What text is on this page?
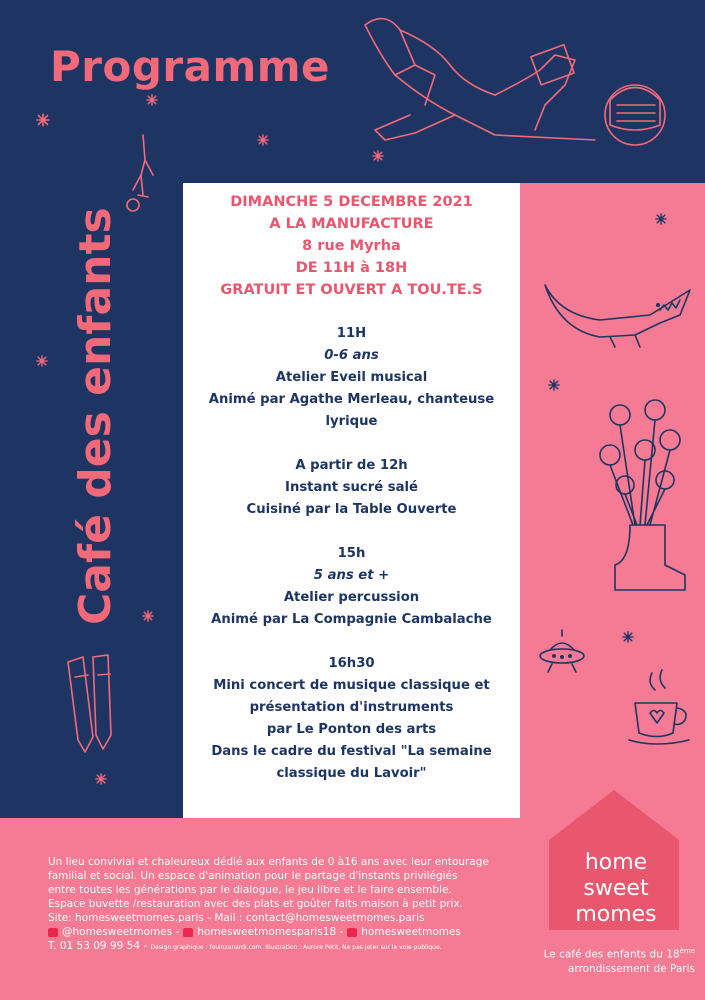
Programme
Café des enfants
DIMANCHE 5 DECEMBRE 2021
A LA MANUFACTURE
8 rue Myrha
DE 11H à 18H
GRATUIT ET OUVERT A TOU.TE.S
11H
0-6 ans
Atelier Eveil musical
Animé par Agathe Merleau, chanteuse
lyrique
A partir de 12h
Instant sucré salé
Cuisiné par la Table Ouverte
15h
5 ans et +
Atelier percussion
Animé par La Compagnie Cambalache
16h30
Mini concert de musique classique et
présentation d'instruments
par Le Ponton des arts
Dans le cadre du festival "La semaine
classique du Lavoir"
Un lieu convivial et chaleureux dédié aux enfants de 0 à16 ans avec leur entourage
familial et social. Un espace d'animation pour le partage d'instants privilégiés
entre toutes les générations par le dialogue, le jeu libre et le faire ensemble.
Espace buvette /restauration avec des plats et goûter faits maison à petit prix.
Site: homesweetmomes.paris - Mail : contact@homesweetmomes.paris
@homesweetmomes - homesweetmomesparis18 - homesweetmomes
T. 01 53 09 99 54 - Design graphique : fouinzanardi.com. Illustration : Aurore Petit. Ne pas jeter sur la voie publique.
home
sweet
momes
Le café des enfants du 18ème
arrondissement de Paris
